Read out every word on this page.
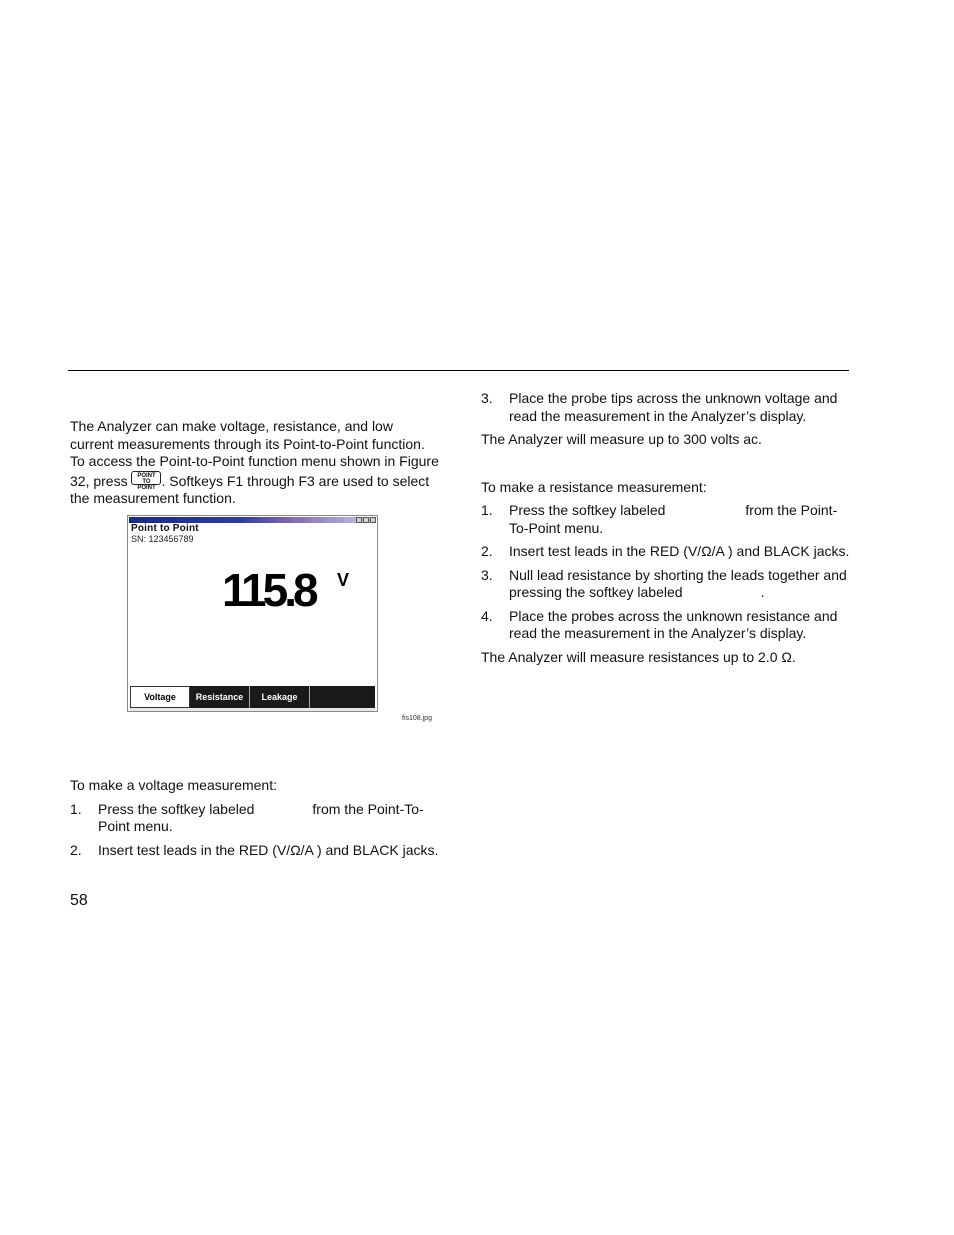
The Analyzer can make voltage, resistance, and low current measurements through its Point-to-Point function. To access the Point-to-Point function menu shown in Figure 32, press POINT TO POINT . Softkeys F1 through F3 are used to select the measurement function.

Point to Point
SN: 123456789
115.8 V
Voltage	Resistance	Leakage
fis108.jpg

To make a voltage measurement:

1. Press the softkey labeled	from the Point-To-Point menu.
2. Insert test leads in the RED (V/Ω/A ) and BLACK jacks.
58
3. Place the probe tips across the unknown voltage and read the measurement in the Analyzer’s display.

The Analyzer will measure up to 300 volts ac.

To make a resistance measurement:

1. Press the softkey labeled	from the Point-To-Point menu.
2. Insert test leads in the RED (V/Ω/A ) and BLACK jacks.
3. Null lead resistance by shorting the leads together and pressing the softkey labeled	.
4. Place the probes across the unknown resistance and read the measurement in the Analyzer’s display.

The Analyzer will measure resistances up to 2.0 Ω.
